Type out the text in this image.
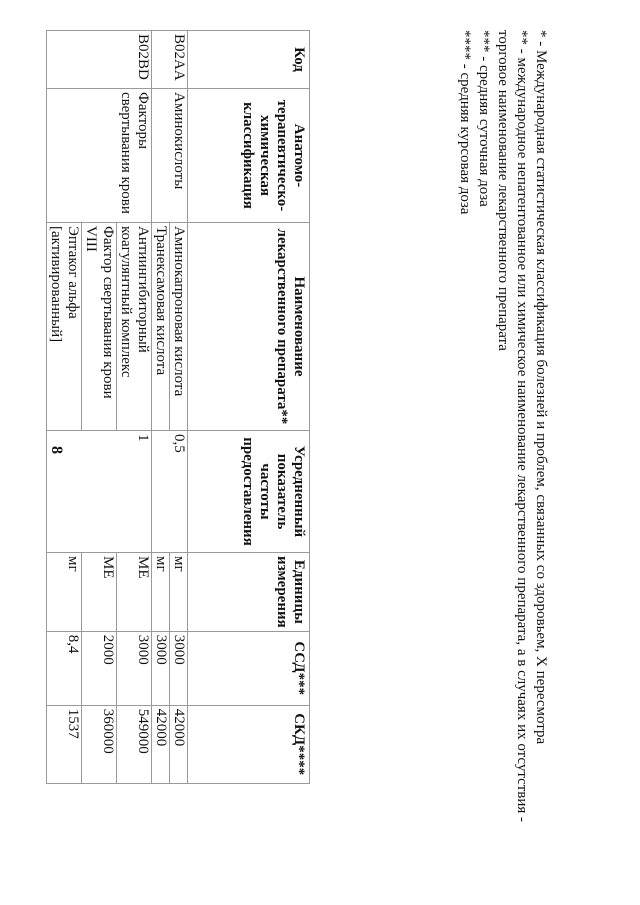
8
Код	Анатомо-терапевтическо-химическая классификация	Наименование лекарственного препарата**	Усредненный показатель частоты предоставления	Единицы измерения	ССД***	СКД****
B02AA	Аминокислоты	Аминокапроновая кислота	0,5	мг	3000	42000
		Транексамовая кислота		мг	3000	42000
B02BD	Факторы свертывания крови	Антиингибиторный коагулянтный комплекс	1	МЕ	3000	549000
		Фактор свертывания крови VIII		МЕ	2000	360000
		Эптаког альфа [активированный]		мг	8,4	1537	* - Международная статистическая классификация болезней и проблем, связанных со здоровьем, X пересмотра

** - международное непатентованное или химическое наименование лекарственного препарата, а в случаях их отсутствия - торговое наименование лекарственного препарата

*** - средняя суточная доза

**** - средняя курсовая доза
